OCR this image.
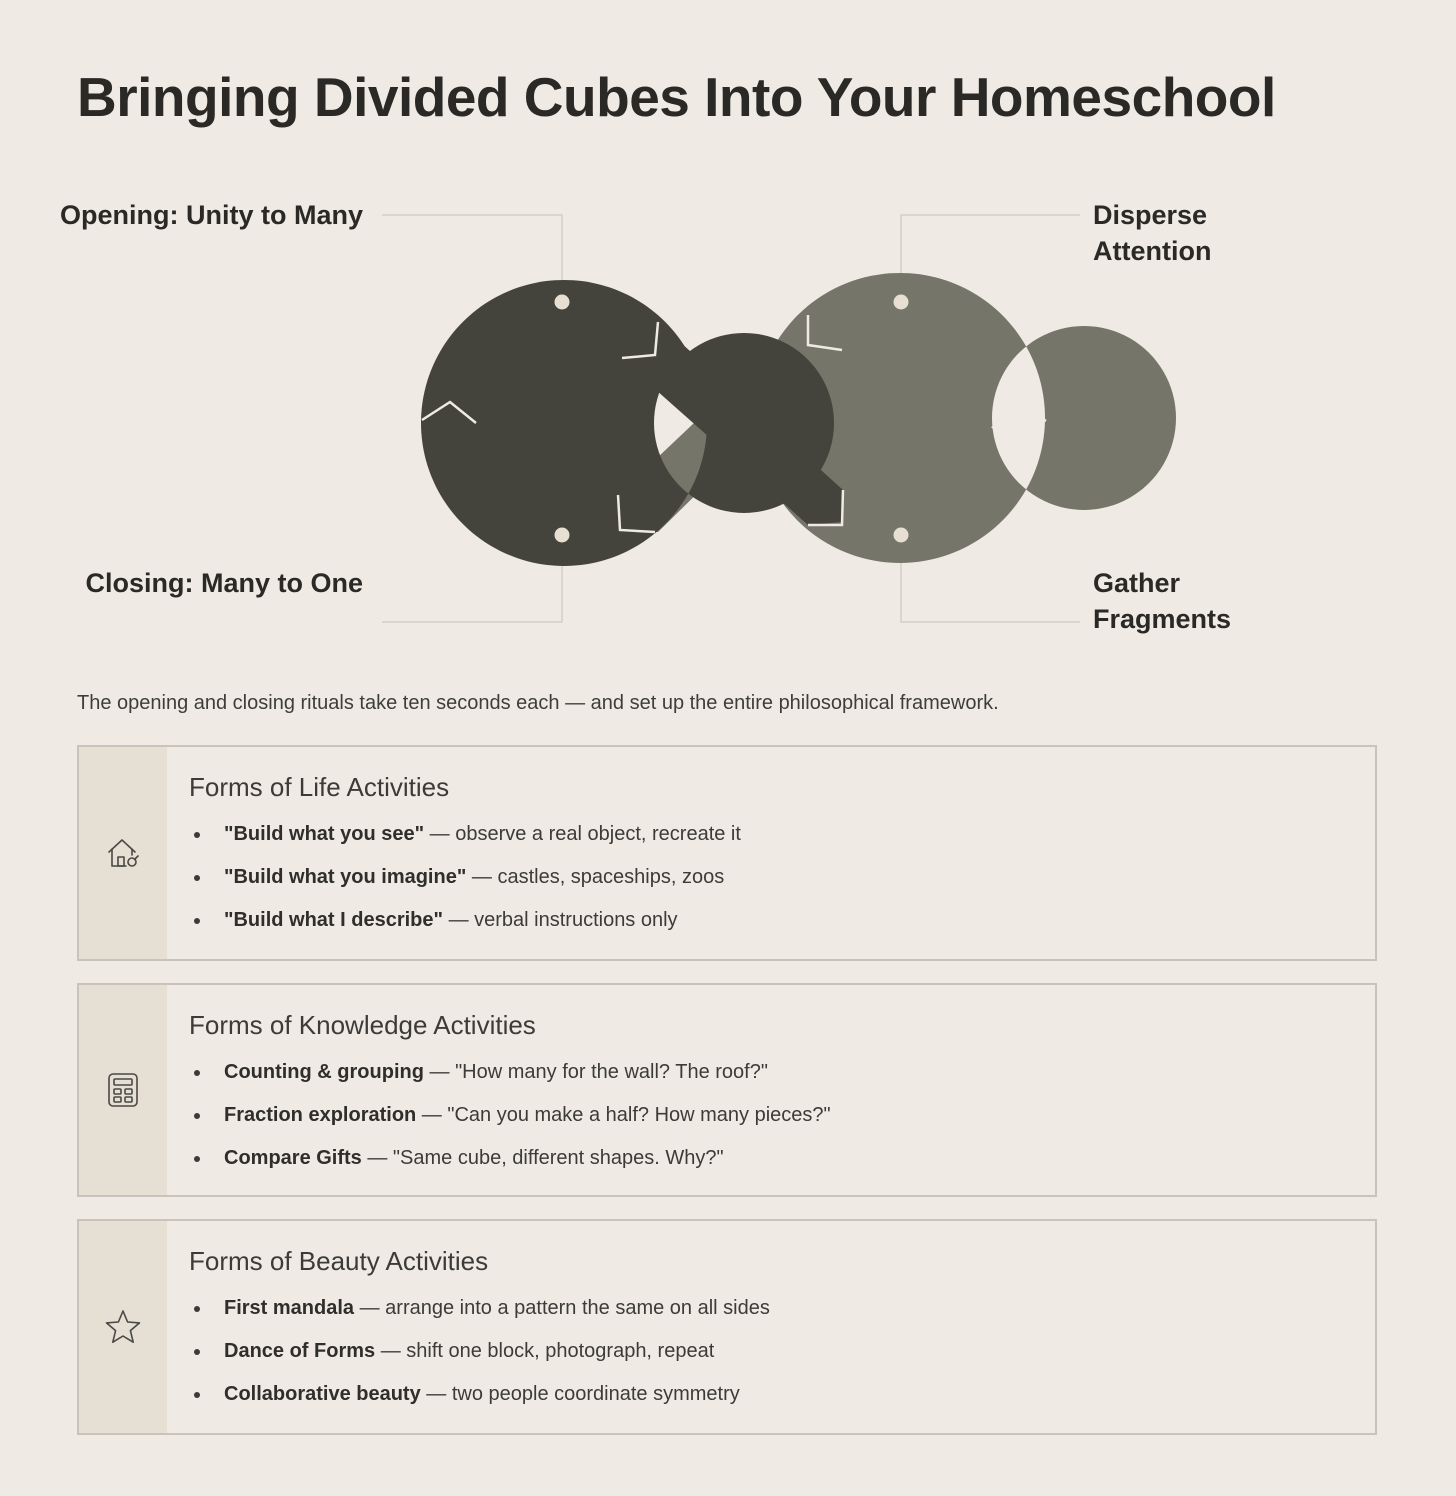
Bringing Divided Cubes Into Your Homeschool
Opening: Unity to Many	Disperse Attention
Closing: Many to One	Gather Fragments

The opening and closing rituals take ten seconds each — and set up the entire philosophical framework.

Forms of Life Activities
"Build what you see" — observe a real object, recreate it
"Build what you imagine" — castles, spaceships, zoos
"Build what I describe" — verbal instructions only
Forms of Knowledge Activities
Counting & grouping — "How many for the wall? The roof?"
Fraction exploration — "Can you make a half? How many pieces?"
Compare Gifts — "Same cube, different shapes. Why?"
Forms of Beauty Activities
First mandala — arrange into a pattern the same on all sides
Dance of Forms — shift one block, photograph, repeat
Collaborative beauty — two people coordinate symmetry
